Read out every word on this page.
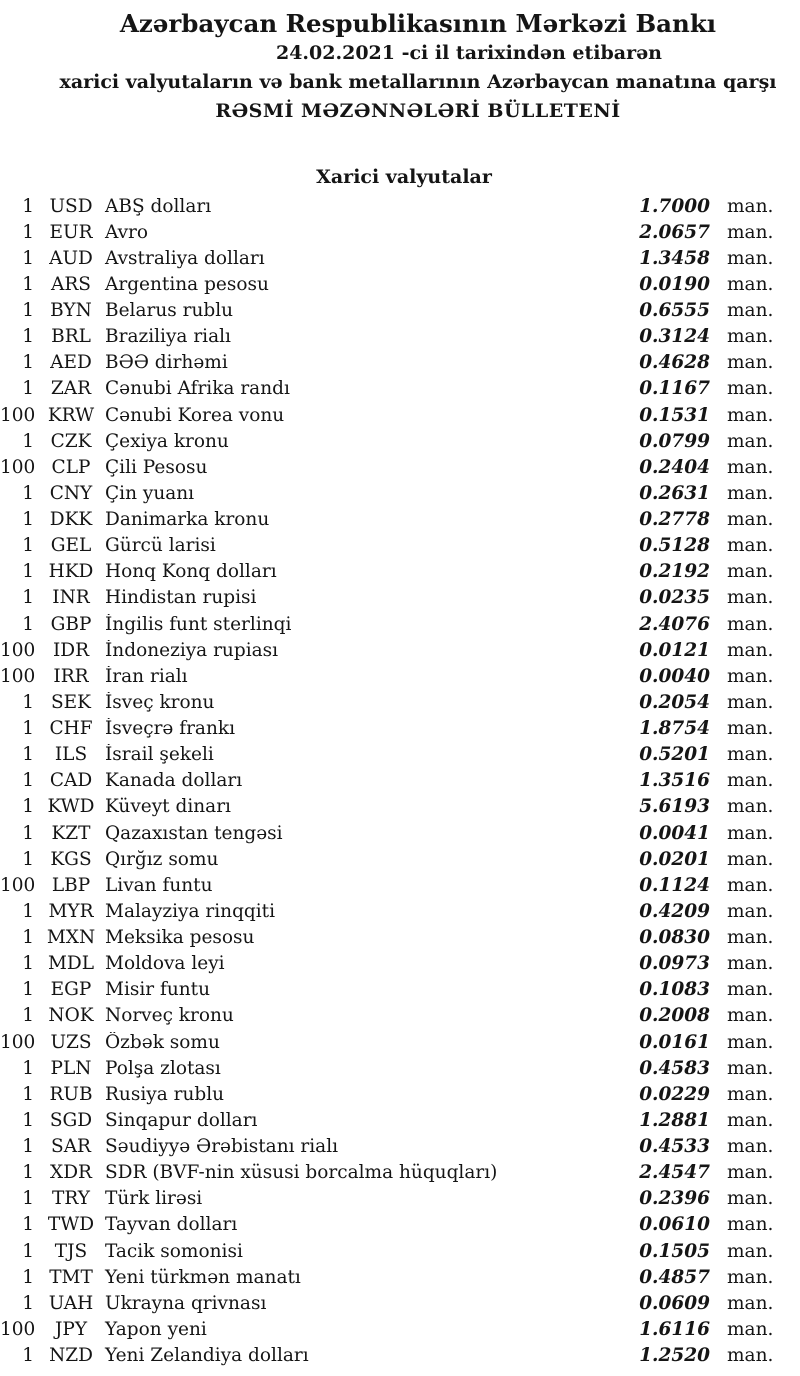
Azərbaycan Respublikasının Mərkəzi Bankı
24.02.2021 -ci il tarixindən etibarən
xarici valyutaların və bank metallarının Azərbaycan manatına qarşı
RƏSMİ MƏZƏNNƏLƏRİ BÜLLETENİ
Xarici valyutalar
1 USD ABŞ dolları	1.7000 man.
1 EUR Avro	2.0657 man.
1 AUD Avstraliya dolları	1.3458 man.
1 ARS Argentina pesosu	0.0190 man.
1 BYN Belarus rublu	0.6555 man.
1 BRL Braziliya rialı	0.3124 man.
1 AED BƏƏ dirhəmi	0.4628 man.
1 ZAR Cənubi Afrika randı	0.1167 man.
100 KRW Cənubi Korea vonu	0.1531 man.
1 CZK Çexiya kronu	0.0799 man.
100 CLP Çili Pesosu	0.2404 man.
1 CNY Çin yuanı	0.2631 man.
1 DKK Danimarka kronu	0.2778 man.
1 GEL Gürcü larisi	0.5128 man.
1 HKD Honq Konq dolları	0.2192 man.
1 INR Hindistan rupisi	0.0235 man.
1 GBP İngilis funt sterlinqi	2.4076 man.
100 IDR İndoneziya rupiası	0.0121 man.
100 IRR İran rialı	0.0040 man.
1 SEK İsveç kronu	0.2054 man.
1 CHF İsveçrə frankı	1.8754 man.
1	ILS İsrail şekeli	0.5201 man.
1 CAD Kanada dolları	1.3516 man.
1 KWD Küveyt dinarı	5.6193 man.
1 KZT Qazaxıstan tengəsi	0.0041 man.
1 KGS Qırğız somu	0.0201 man.
100 LBP Livan funtu	0.1124 man.
1 MYR Malayziya rinqqiti	0.4209 man.
1 MXN Meksika pesosu	0.0830 man.
1 MDL Moldova leyi	0.0973 man.
1 EGP Misir funtu	0.1083 man.
1 NOK Norveç kronu	0.2008 man.
100 UZS Özbək somu	0.0161 man.
1 PLN Polşa zlotası	0.4583 man.
1 RUB Rusiya rublu	0.0229 man.
1 SGD Sinqapur dolları	1.2881 man.
1 SAR Səudiyyə Ərəbistanı rialı	0.4533 man.
1 XDR SDR (BVF-nin xüsusi borcalma hüquqları)	2.4547 man.
1 TRY Türk lirəsi	0.2396 man.
1 TWD Tayvan dolları	0.0610 man.
1	TJS Tacik somonisi	0.1505 man.
1 TMT Yeni türkmən manatı	0.4857 man.
1 UAH Ukrayna qrivnası	0.0609 man.
100	JPY Yapon yeni	1.6116 man.
1 NZD Yeni Zelandiya dolları	1.2520 man.
